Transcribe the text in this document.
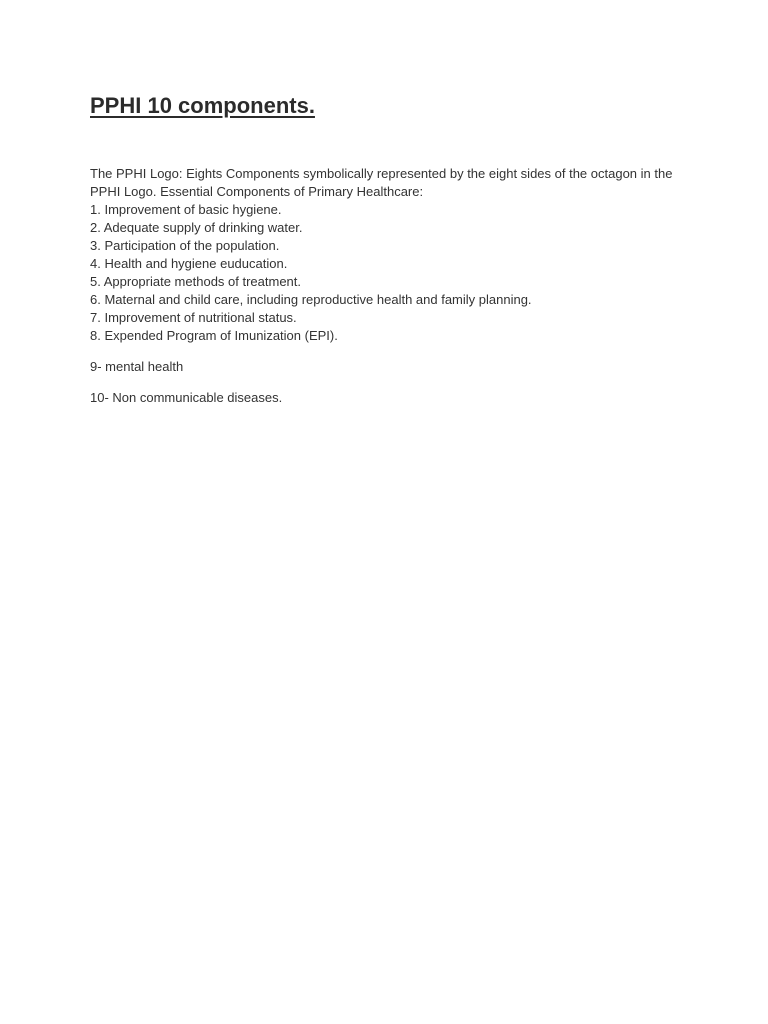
PPHI 10 components.

The PPHI Logo: Eights Components symbolically represented by the eight sides of the octagon in the PPHI Logo. Essential Components of Primary Healthcare:

1. Improvement of basic hygiene.
2. Adequate supply of drinking water.
3. Participation of the population.
4. Health and hygiene euducation.
5. Appropriate methods of treatment.
6. Maternal and child care, including reproductive health and family planning.
7. Improvement of nutritional status.
8. Expended Program of Imunization (EPI).

9- mental health

10- Non communicable diseases.
